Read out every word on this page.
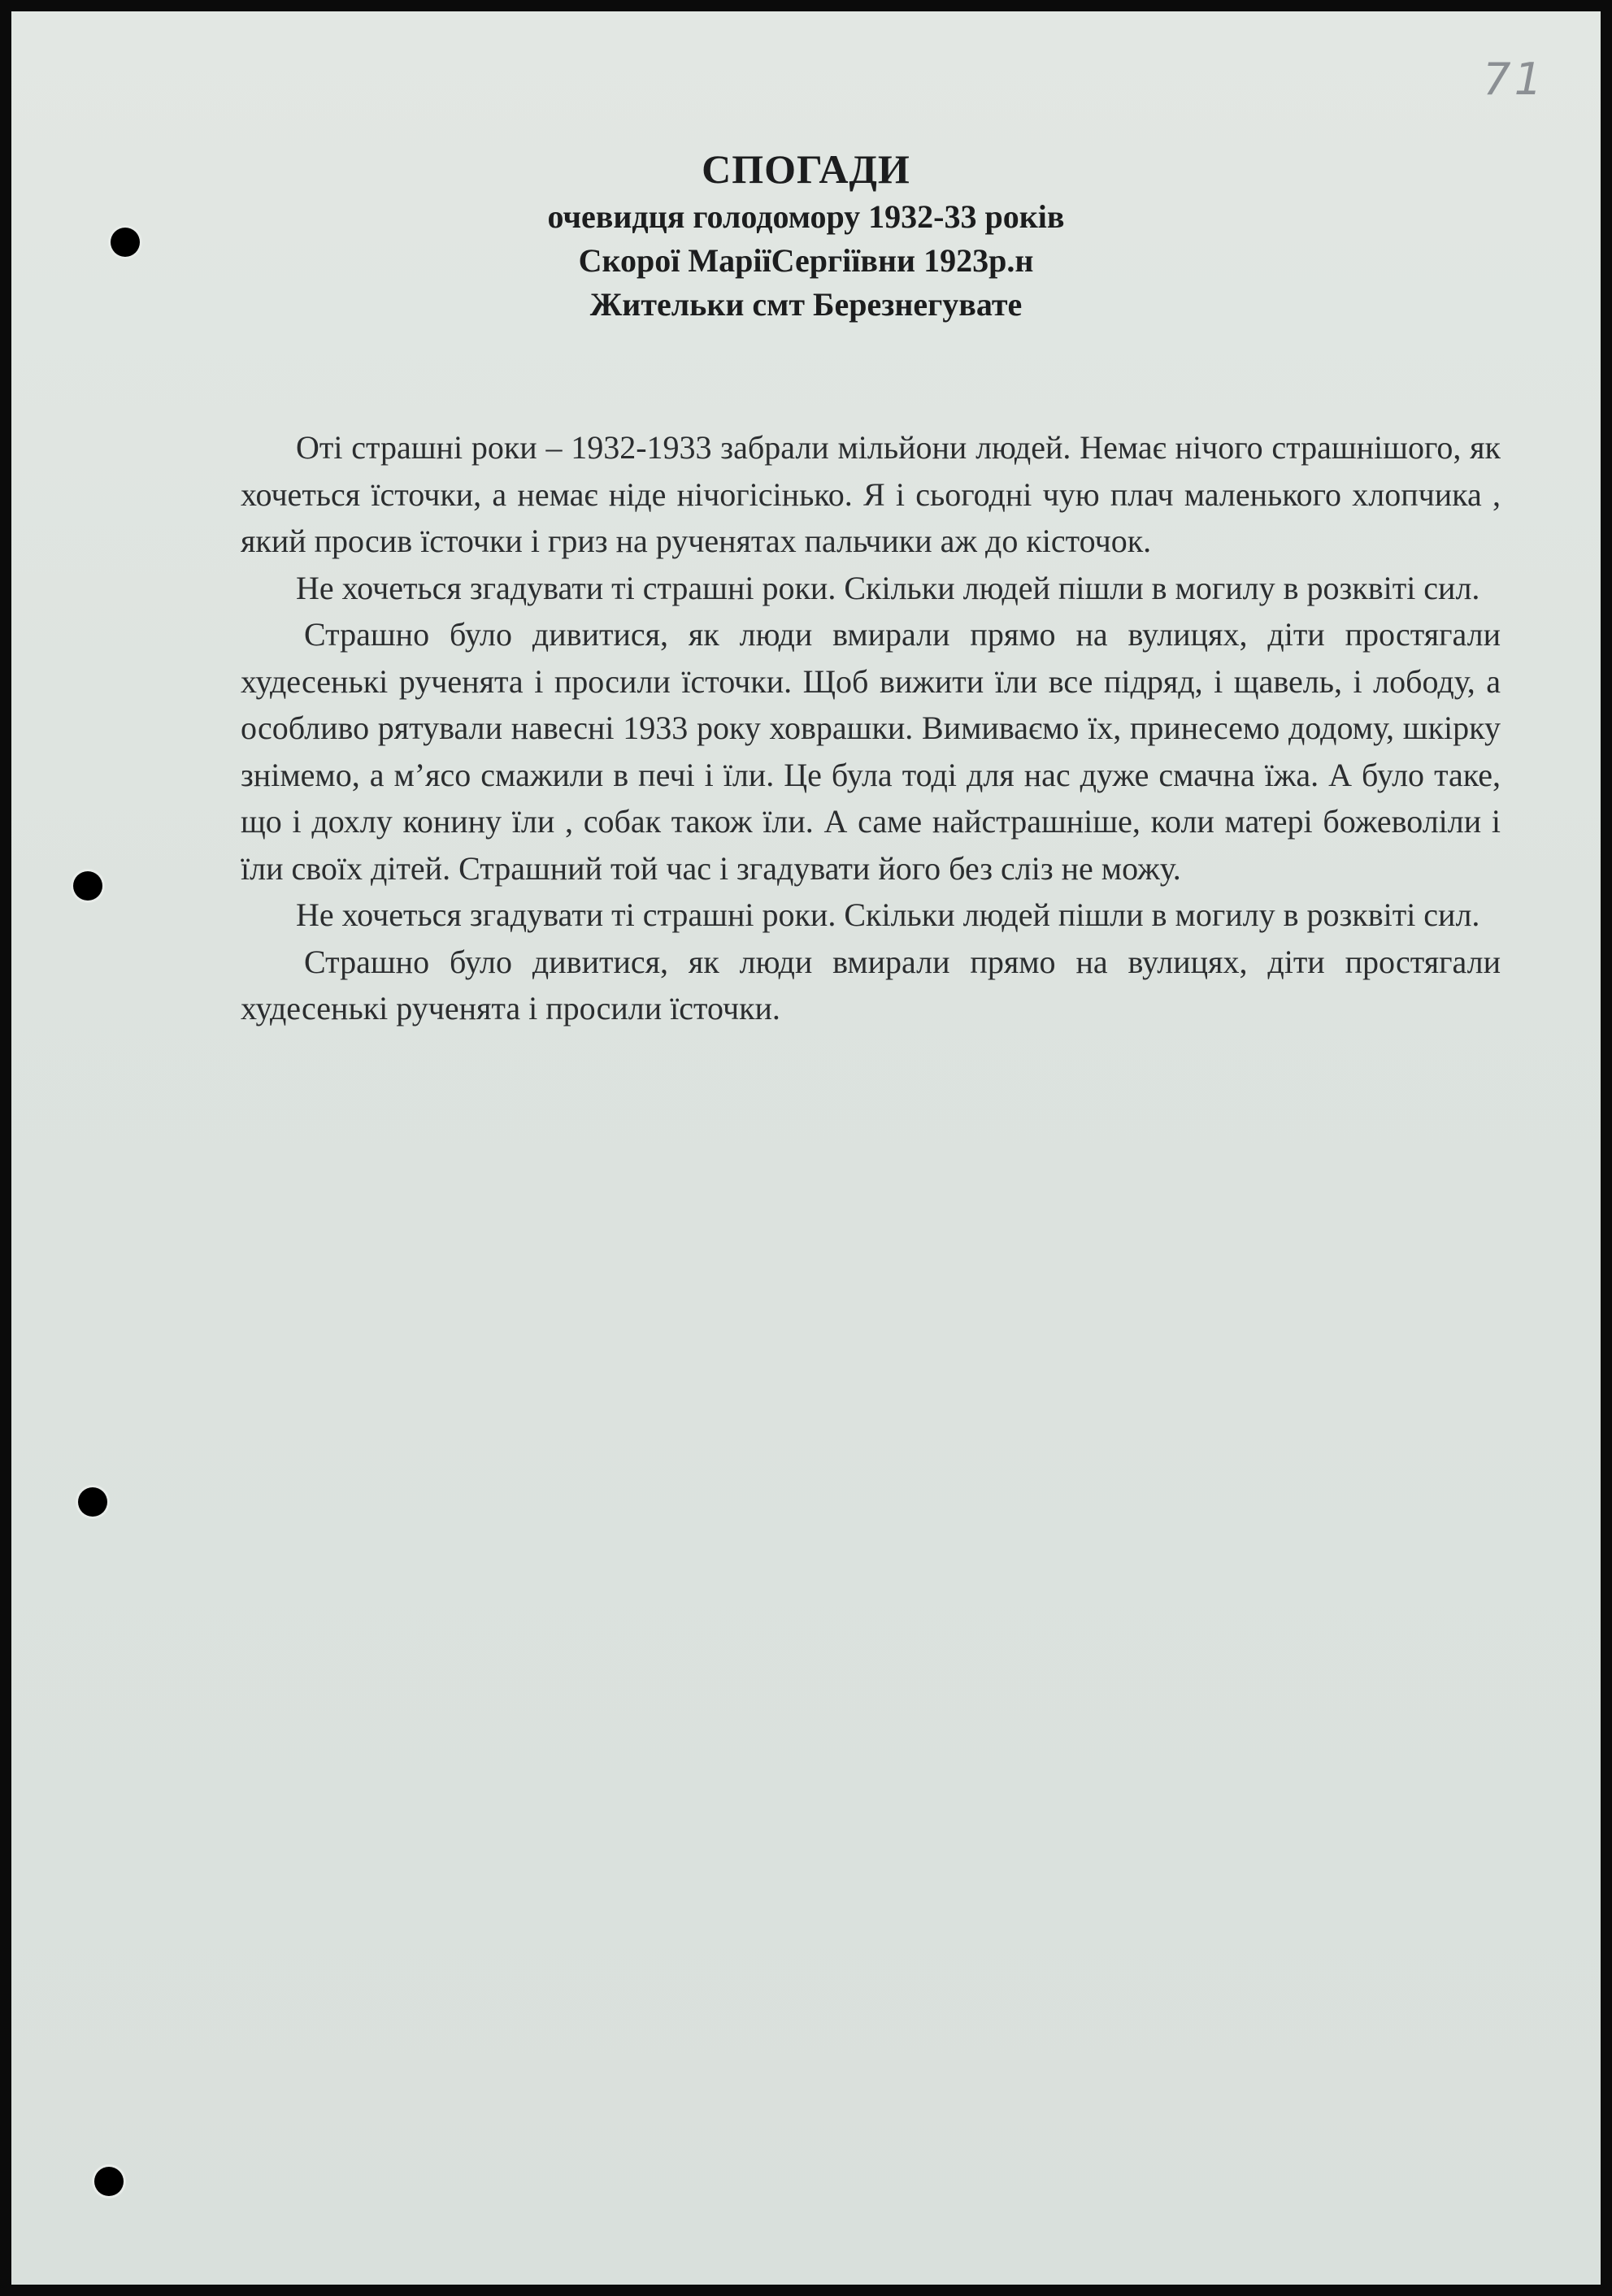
71
СПОГАДИ
очевидця голодомору 1932-33 років
Скорої МаріїСергіївни 1923р.н
Жительки смт Березнегувате

Оті страшні роки – 1932-1933 забрали мільйони людей. Немає нічого страшнішого, як хочеться їсточки, а немає ніде нічогісінько. Я і сьогодні чую плач маленького хлопчика , який просив їсточки і гриз на рученятах пальчики аж до кісточок.

Не хочеться згадувати ті страшні роки. Скільки людей пішли в могилу в розквіті сил.

Страшно було дивитися, як люди вмирали прямо на вулицях, діти простягали худесенькі рученята і просили їсточки. Щоб вижити їли все підряд, і щавель, і лободу, а особливо рятували навесні 1933 року ховрашки. Вимиваємо їх, принесемо додому, шкірку знімемо, а м’ясо смажили в печі і їли. Це була тоді для нас дуже смачна їжа. А було таке, що і дохлу конину їли , собак також їли. А саме найстрашніше, коли матері божеволіли і їли своїх дітей. Страшний той час і згадувати його без сліз не можу.

Не хочеться згадувати ті страшні роки. Скільки людей пішли в могилу в розквіті сил.

Страшно було дивитися, як люди вмирали прямо на вулицях, діти простягали худесенькі рученята і просили їсточки.
